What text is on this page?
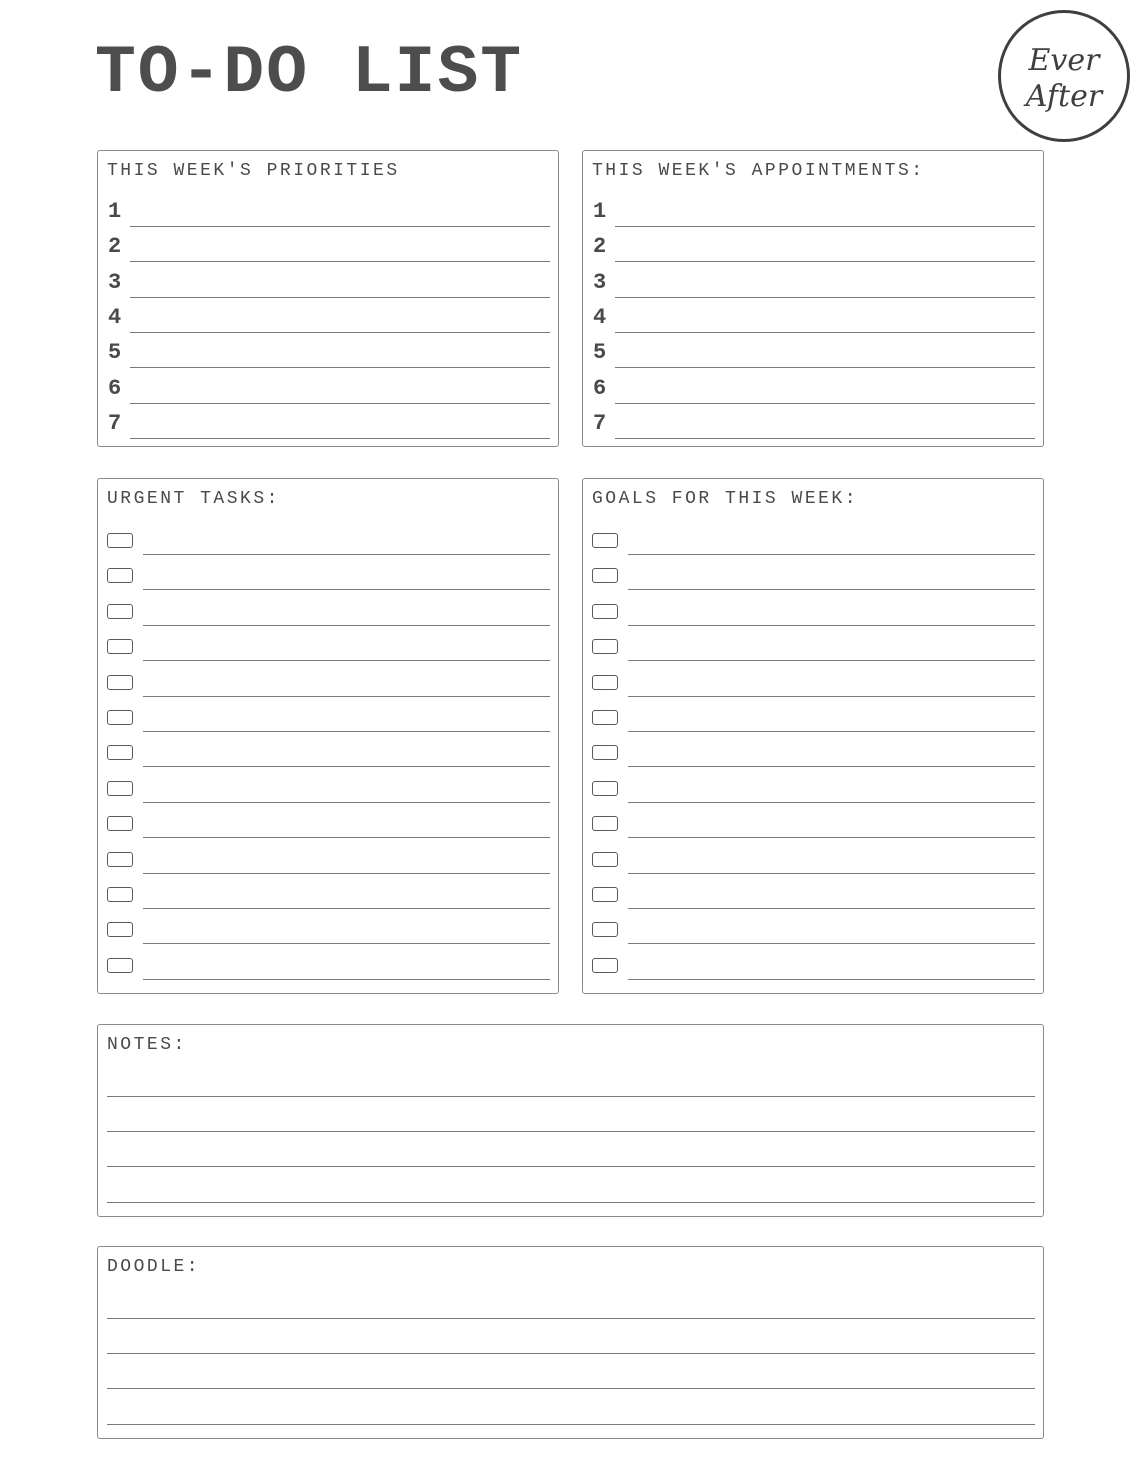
TO-DO LIST	Ever
After
THIS WEEK'S PRIORITIES
1
2
3
4
5
6
7
THIS WEEK'S APPOINTMENTS:
1
2
3
4
5
6
7
URGENT TASKS:	GOALS FOR THIS WEEK:
NOTES:
DOODLE:
